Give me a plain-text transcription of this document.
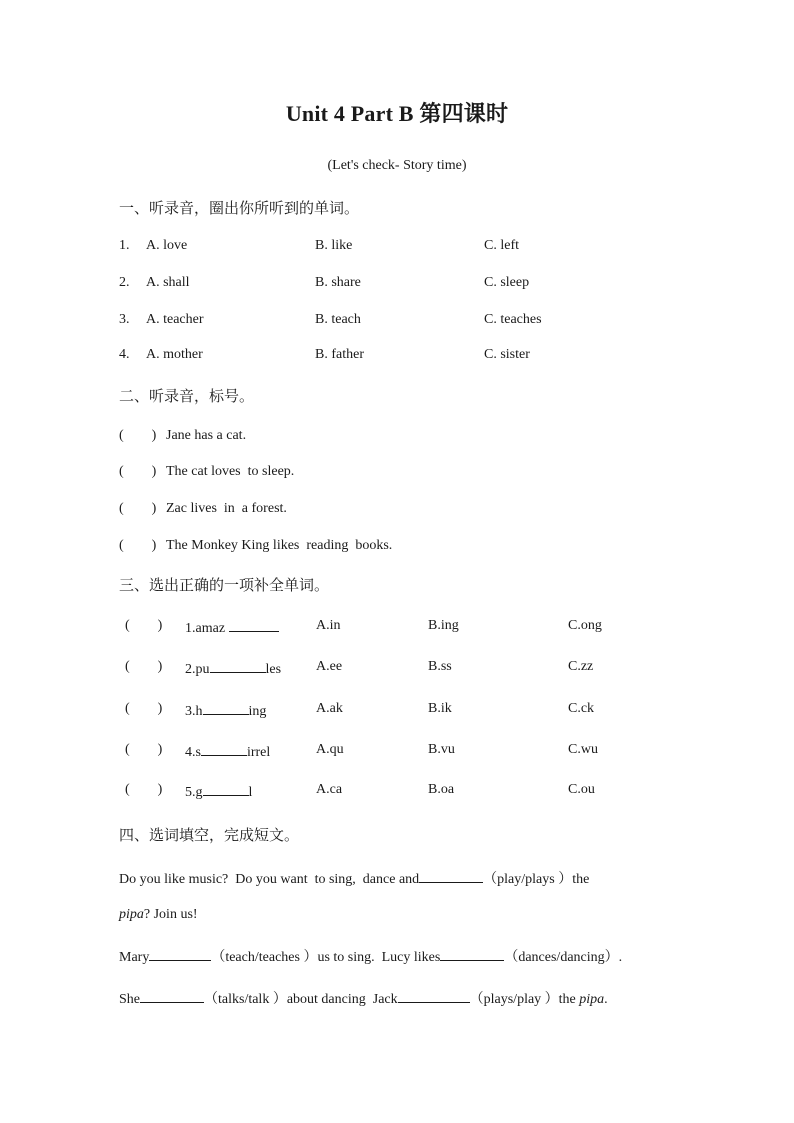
Unit 4 Part B 第四课时
(Let's check- Story time)
一、听录音，圈出你所听到的单词。
1. A. love	B. like	C. left
2. A. shall	B. share	C. sleep
3. A. teacher	B. teach	C. teaches
4. A. mother	B. father	C. sister
二、听录音，标号。
(        ) Jane has a cat.
(        ) The cat loves  to sleep.
(        ) Zac lives  in  a forest.
(        ) The Monkey King likes  reading  books.
三、选出正确的一项补全单词。
(        ) 1.amaz	A.in	B.ing	C.ong
(        ) 2.pu	les A.ee	B.ss	C.zz
(        ) 3.h	ing	A.ak	B.ik	C.ck
(        ) 4.s	irrel	A.qu	B.vu	C.wu
(        ) 5.g	l	A.ca	B.oa	C.ou
四、选词填空，完成短文。
Do you like music?  Do you want  to sing,  dance and	（play/plays ）the
pipa? Join us!
Mary	（teach/teaches ）us to sing.  Lucy likes	（dances/dancing）.
She	（talks/talk ）about dancing  Jack	（plays/play ）the pipa.
